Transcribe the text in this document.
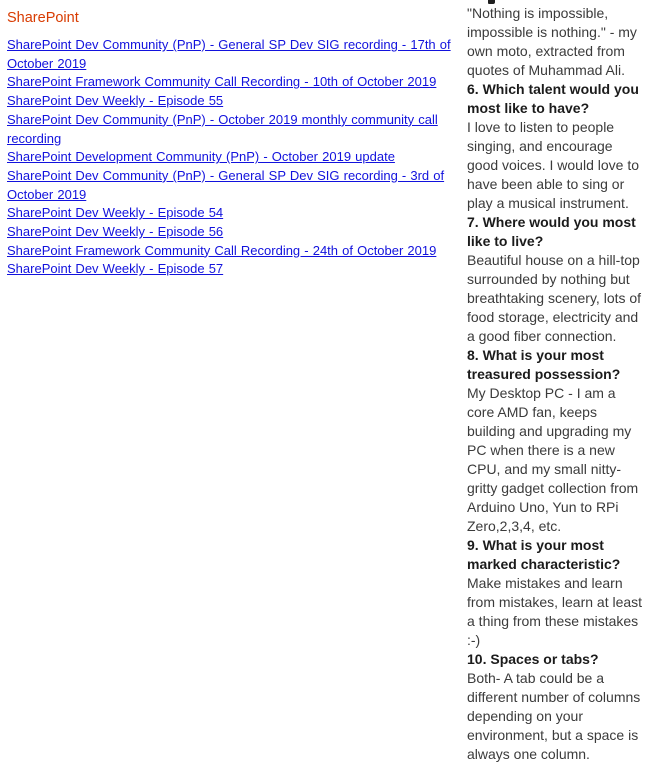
SharePoint
SharePoint Dev Community (PnP) - General SP Dev SIG recording - 17th of October 2019
SharePoint Framework Community Call Recording - 10th of October 2019
SharePoint Dev Weekly - Episode 55
SharePoint Dev Community (PnP) - October 2019 monthly community call recording
SharePoint Development Community (PnP) - October 2019 update
SharePoint Dev Community (PnP) - General SP Dev SIG recording - 3rd of October 2019
SharePoint Dev Weekly - Episode 54
SharePoint Dev Weekly - Episode 56
SharePoint Framework Community Call Recording - 24th of October 2019
SharePoint Dev Weekly - Episode 57

"Nothing is impossible, impossible is nothing." - my own moto, extracted from quotes of Muhammad Ali.

6. Which talent would you most like to have?

I love to listen to people singing, and encourage good voices. I would love to have been able to sing or play a musical instrument.

7. Where would you most like to live?

Beautiful house on a hill-top surrounded by nothing but breathtaking scenery, lots of food storage, electricity and a good fiber connection.

8. What is your most treasured possession?

My Desktop PC - I am a core AMD fan, keeps building and upgrading my PC when there is a new CPU, and my small nitty-gritty gadget collection from Arduino Uno, Yun to RPi Zero,2,3,4, etc.

9. What is your most marked characteristic?

Make mistakes and learn from mistakes, learn at least a thing from these mistakes :-)

10. Spaces or tabs?

Both- A tab could be a different number of columns depending on your environment, but a space is always one column.
